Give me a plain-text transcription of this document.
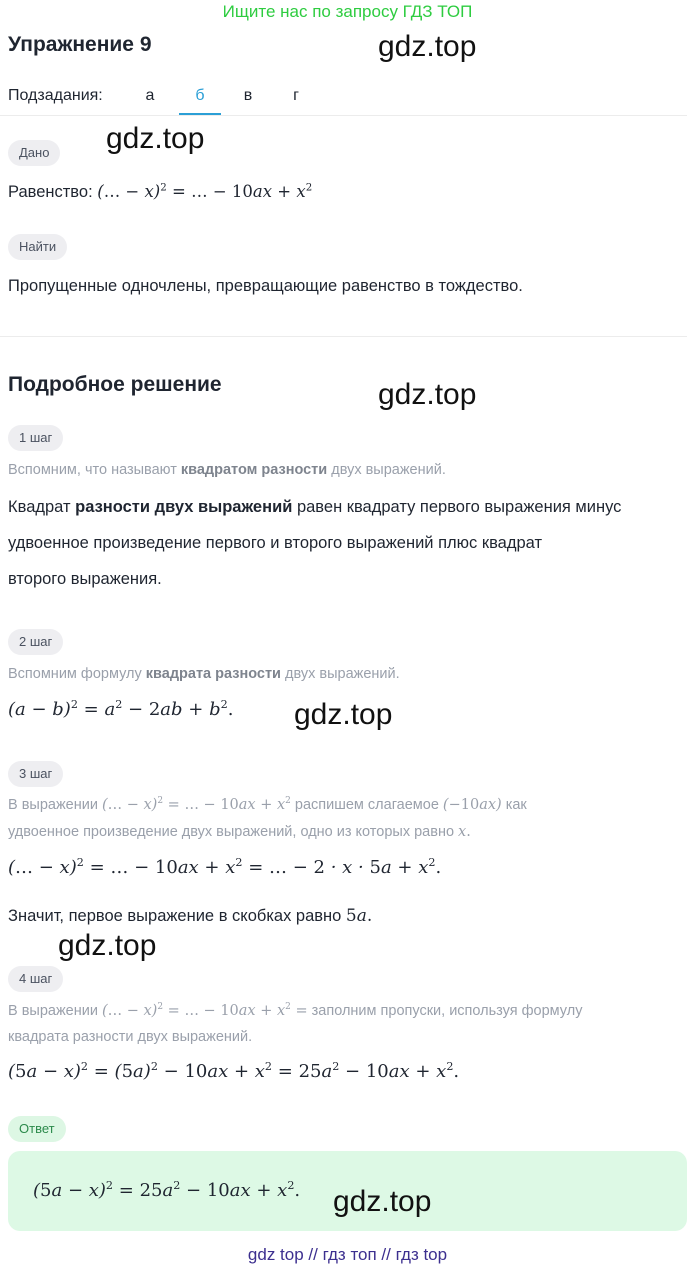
Ищите нас по запросу ГДЗ ТОП
Упражнение 9	gdz.top
Подзадания:	а	б	в	г
Дано	gdz.top
Равенство: (… − x)$^2$ = … − $10ax + x^2$
Найти
Пропущенные одночлены, превращающие равенство в тождество.
Подробное решение	gdz.top
1 шаг
Вспомним, что называют квадратом разности двух выражений.
Квадрат разности двух выражений равен квадрату первого выражения минус
удвоенное произведение первого и второго выражений плюс квадрат
второго выражения.
2 шаг
Вспомним формулу квадрата разности двух выражений.
$(a - b)^2 = a^2 - 2ab + b^2$. gdz.top
3 шаг
В выражении (… − x)$^2$ = … − $10ax + x^2$ распишем слагаемое (−10ax) как
удвоенное произведение двух выражений, одно из которых равно x.
(… − x)$^2$ = … − $10ax + x^2$ = … − $2 \cdot x \cdot 5a + x^2$.
Значит, первое выражение в скобках равно 5a.
gdz.top
4 шаг
В выражении (… − x)$^2$ = … − $10ax + x^2$ = заполним пропуски, используя формулу
квадрата разности двух выражений.
$(5a - x)^2 = (5a)^2 - 10ax + x^2 = 25a^2 - 10ax + x^2$.
Ответ
$(5a - x)^2 = 25a^2 - 10ax + x^2$. gdz.top
gdz top // гдз топ // гдз top
